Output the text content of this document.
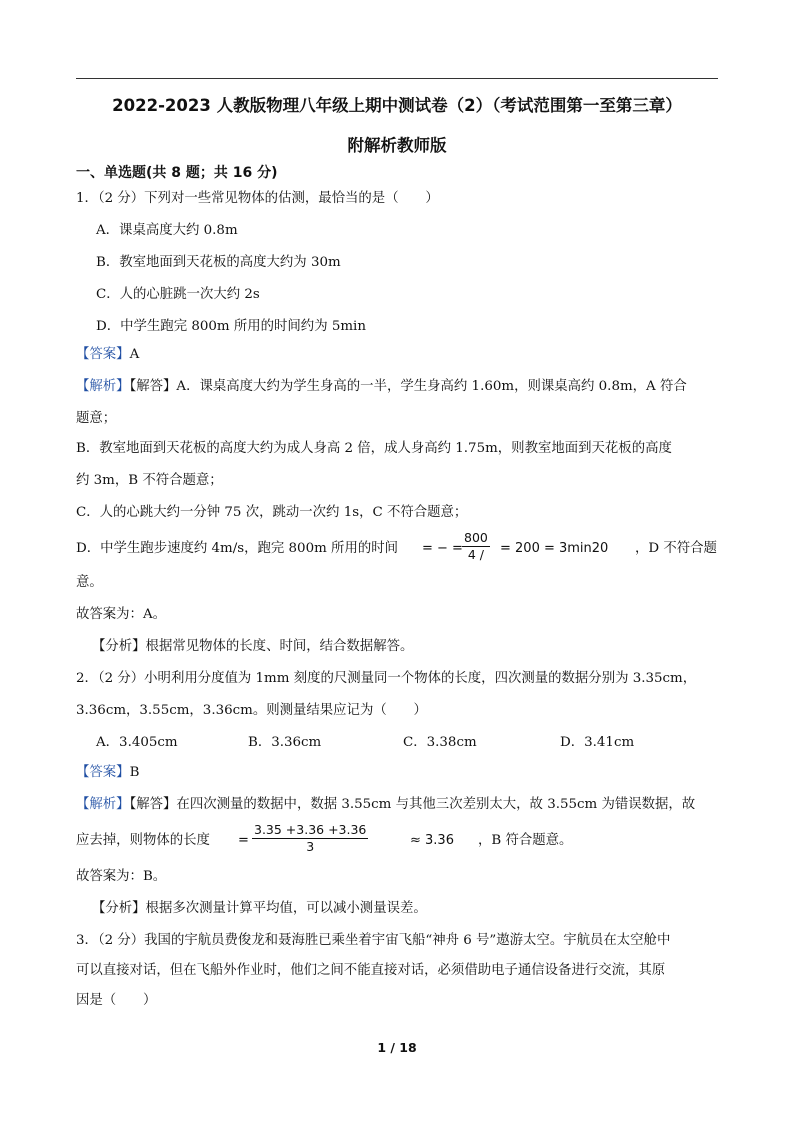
2022-2023 人教版物理八年级上期中测试卷（2）（考试范围第一至第三章）
附解析教师版
一、单选题(共 8 题；共 16 分)
1．（2 分）下列对一些常见物体的估测，最恰当的是（　　）
A．课桌高度大约 0.8m
B．教室地面到天花板的高度大约为 30m
C．人的心脏跳一次大约 2s
D．中学生跑完 800m 所用的时间约为 5min
【答案】A
【解析】【解答】A．课桌高度大约为学生身高的一半，学生身高约 1.60m，则课桌高约 0.8m，A 符合
题意；
B．教室地面到天花板的高度大约为成人身高 2 倍，成人身高约 1.75m，则教室地面到天花板的高度
约 3m，B 不符合题意；
C．人的心跳大约一分钟 75 次，跳动一次约 1s，C 不符合题意；
D．中学生跑步速度约 4m/s，跑完 800m 所用的时间 = − = $\frac{800}{4 /} = 200 = 3\min 20$ ，D 不符合题
意。
故答案为：A。
【分析】根据常见物体的长度、时间，结合数据解答。
2．（2 分）小明利用分度值为 1mm 刻度的尺测量同一个物体的长度，四次测量的数据分别为 3.35cm，
3.36cm，3.55cm，3.36cm。则测量结果应记为（　　）
A．3.405cm	B．3.36cm	C．3.38cm	D．3.41cm
【答案】B
【解析】【解答】在四次测量的数据中，数据 3.55cm 与其他三次差别太大，故 3.55cm 为错误数据，故
应去掉，则物体的长度 = $\frac{3.35 +3.36 +3.36}{3}$	≈ 3.36 ，B 符合题意。
故答案为：B。
【分析】根据多次测量计算平均值，可以减小测量误差。
3．（2 分）我国的宇航员费俊龙和聂海胜已乘坐着宇宙飞船“神舟 6 号”遨游太空。宇航员在太空舱中
可以直接对话，但在飞船外作业时，他们之间不能直接对话，必须借助电子通信设备进行交流，其原
因是（　　）
1 / 18
